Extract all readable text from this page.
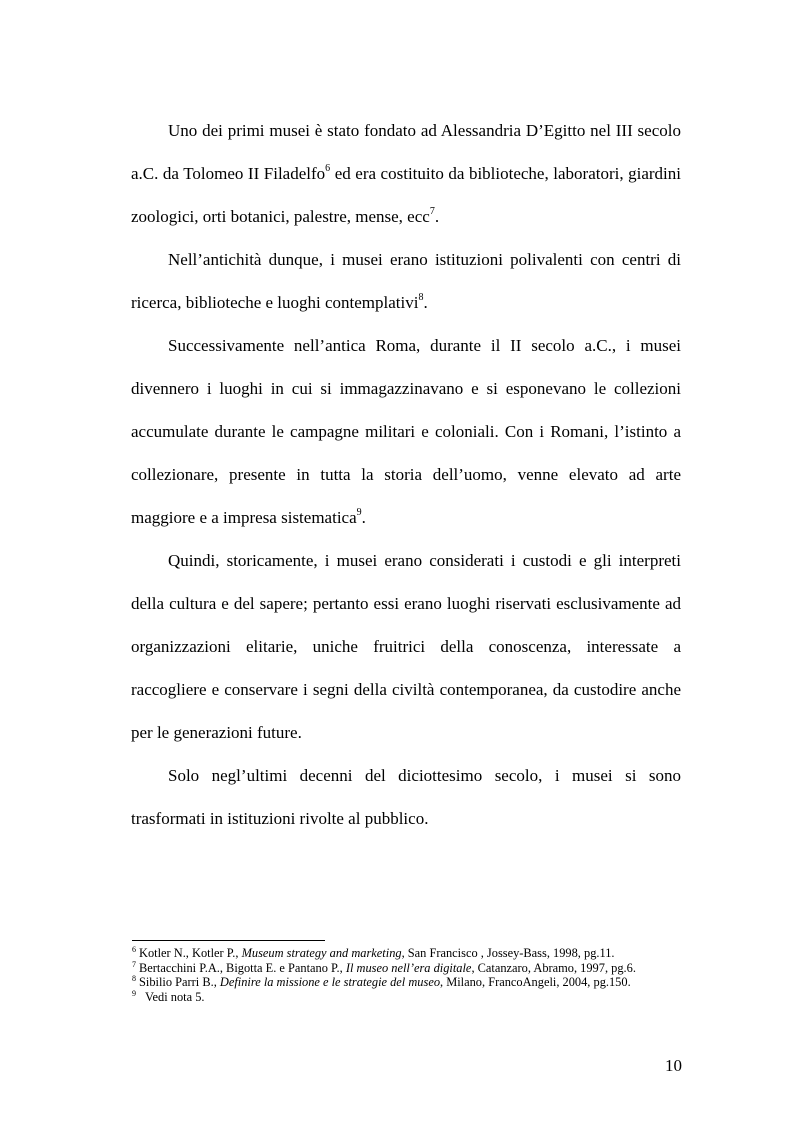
Uno dei primi musei è stato fondato ad Alessandria D’Egitto nel III secolo a.C. da Tolomeo II Filadelfo$^6$ ed era costituito da biblioteche, laboratori, giardini zoologici, orti botanici, palestre, mense, ecc$^7$.

Nell’antichità dunque, i musei erano istituzioni polivalenti con centri di ricerca, biblioteche e luoghi contemplativi$^8$.

Successivamente nell’antica Roma, durante il II secolo a.C., i musei divennero i luoghi in cui si immagazzinavano e si esponevano le collezioni accumulate durante le campagne militari e coloniali. Con i Romani, l’istinto a collezionare, presente in tutta la storia dell’uomo, venne elevato ad arte maggiore e a impresa sistematica$^9$.

Quindi, storicamente, i musei erano considerati i custodi e gli interpreti della cultura e del sapere; pertanto essi erano luoghi riservati esclusivamente ad organizzazioni elitarie, uniche fruitrici della conoscenza, interessate a raccogliere e conservare i segni della civiltà contemporanea, da custodire anche per le generazioni future.

Solo negl’ultimi decenni del diciottesimo secolo, i musei si sono trasformati in istituzioni rivolte al pubblico.

$^6$ Kotler N., Kotler P., Museum strategy and marketing, San Francisco , Jossey-Bass, 1998, pg.11.
$^7$ Bertacchini P.A., Bigotta E. e Pantano P., Il museo nell’era digitale, Catanzaro, Abramo, 1997, pg.6.
$^8$ Sibilio Parri B., Definire la missione e le strategie del museo, Milano, FrancoAngeli, 2004, pg.150.
$^9$  Vedi nota 5.
10
